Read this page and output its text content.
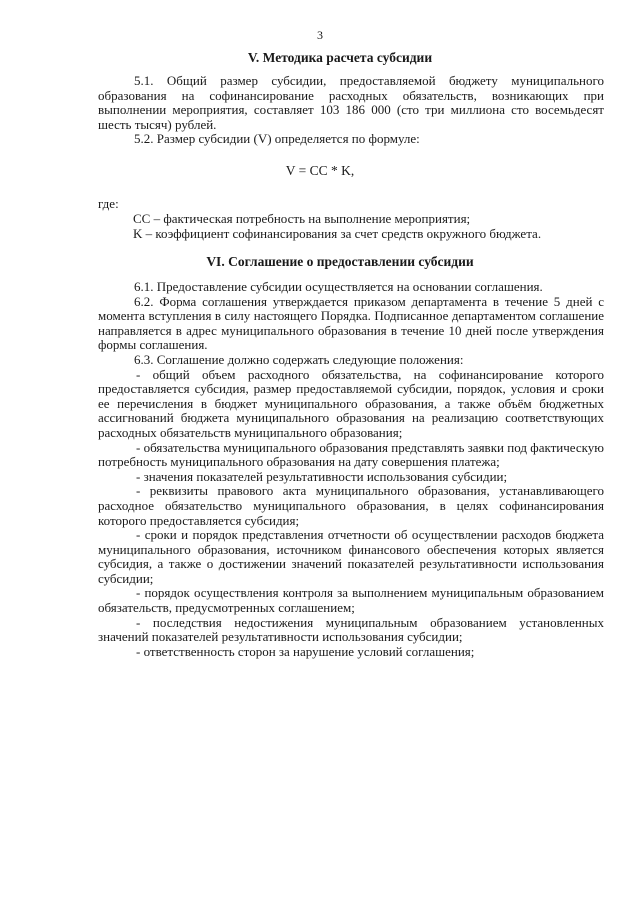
3
V. Методика расчета субсидии

5.1. Общий размер субсидии, предоставляемой бюджету муниципального образования на софинансирование расходных обязательств, возникающих при выполнении мероприятия, составляет 103 186 000 (сто три миллиона сто восемьдесят шесть тысяч) рублей.

5.2. Размер субсидии (V) определяется по формуле:

V = CC * K,
где:
CC – фактическая потребность на выполнение мероприятия;
K – коэффициент софинансирования за счет средств окружного бюджета.
VI. Соглашение о предоставлении субсидии

6.1. Предоставление субсидии осуществляется на основании соглашения.

6.2. Форма соглашения утверждается приказом департамента в течение 5 дней с момента вступления в силу настоящего Порядка. Подписанное департаментом соглашение направляется в адрес муниципального образования в течение 10 дней после утверждения формы соглашения.

6.3. Соглашение должно содержать следующие положения:

- общий объем расходного обязательства, на софинансирование которого предоставляется субсидия, размер предоставляемой субсидии, порядок, условия и сроки ее перечисления в бюджет муниципального образования, а также объём бюджетных ассигнований бюджета муниципального образования на реализацию соответствующих расходных обязательств муниципального образования;

- обязательства муниципального образования представлять заявки под фактическую потребность муниципального образования на дату совершения платежа;

- значения показателей результативности использования субсидии;

- реквизиты правового акта муниципального образования, устанавливающего расходное обязательство муниципального образования, в целях софинансирования которого предоставляется субсидия;

- сроки и порядок представления отчетности об осуществлении расходов бюджета муниципального образования, источником финансового обеспечения которых является субсидия, а также о достижении значений показателей результативности использования субсидии;

- порядок осуществления контроля за выполнением муниципальным образованием обязательств, предусмотренных соглашением;

- последствия недостижения муниципальным образованием установленных значений показателей результативности использования субсидии;

- ответственность сторон за нарушение условий соглашения;
